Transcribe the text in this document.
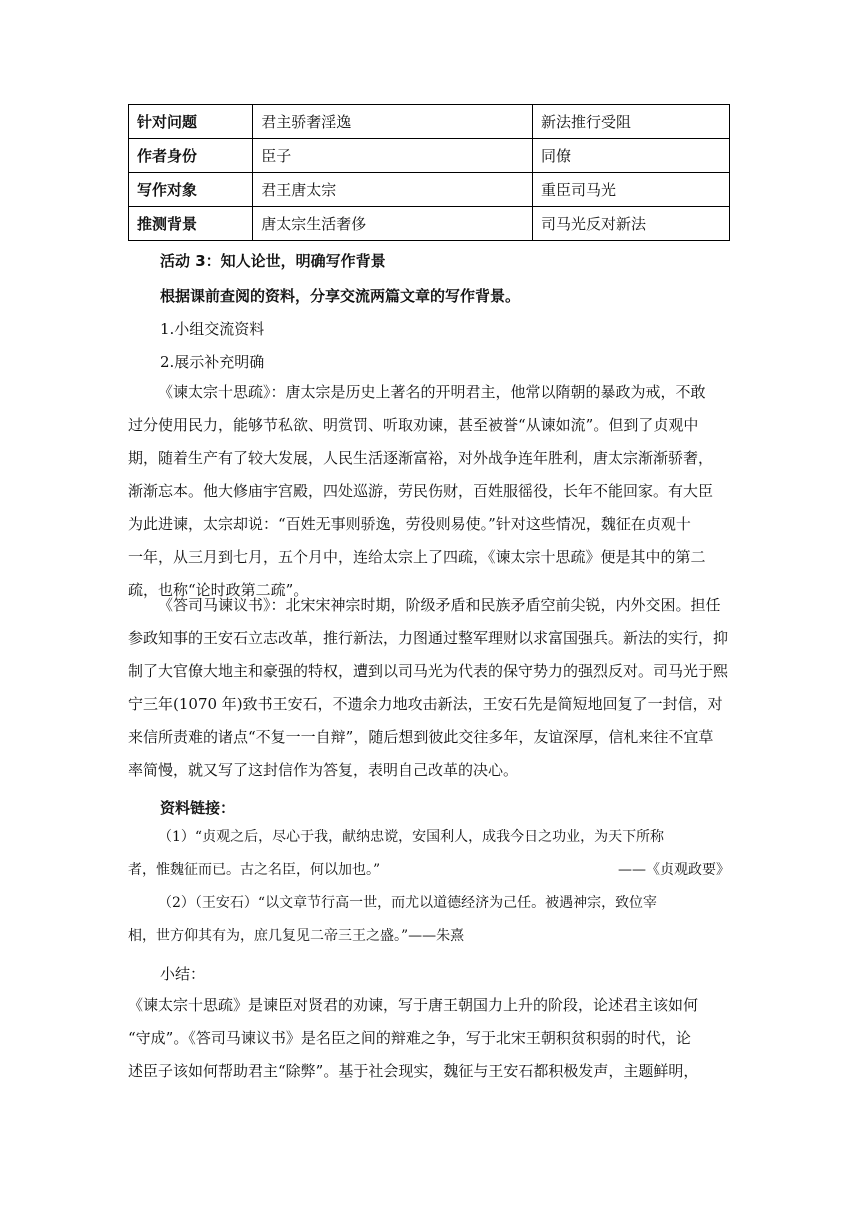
针对问题	君主骄奢淫逸	新法推行受阻
作者身份	臣子	同僚
写作对象	君王唐太宗	重臣司马光
推测背景	唐太宗生活奢侈	司马光反对新法
活动 3：知人论世，明确写作背景
根据课前查阅的资料，分享交流两篇文章的写作背景。
1.小组交流资料
2.展示补充明确
《谏太宗十思疏》：唐太宗是历史上著名的开明君主，他常以隋朝的暴政为戒，不敢
过分使用民力，能够节私欲、明赏罚、听取劝谏，甚至被誉“从谏如流”。但到了贞观中
期，随着生产有了较大发展，人民生活逐渐富裕，对外战争连年胜利，唐太宗渐渐骄奢，
渐渐忘本。他大修庙宇宫殿，四处巡游，劳民伤财，百姓服徭役，长年不能回家。有大臣
为此进谏，太宗却说：“百姓无事则骄逸，劳役则易使。”针对这些情况，魏征在贞观十
一年，从三月到七月，五个月中，连给太宗上了四疏，《谏太宗十思疏》便是其中的第二
疏，也称“论时政第二疏”。
《答司马谏议书》：北宋宋神宗时期，阶级矛盾和民族矛盾空前尖锐，内外交困。担任
参政知事的王安石立志改革，推行新法，力图通过整军理财以求富国强兵。新法的实行，抑
制了大官僚大地主和豪强的特权，遭到以司马光为代表的保守势力的强烈反对。司马光于熙
宁三年(1070 年)致书王安石，不遗余力地攻击新法，王安石先是简短地回复了一封信，对
来信所责难的诸点“不复一一自辩”，随后想到彼此交往多年，友谊深厚，信札来往不宜草
率简慢，就又写了这封信作为答复，表明自己改革的决心。
资料链接：
（1）“贞观之后，尽心于我，献纳忠谠，安国利人，成我今日之功业，为天下所称
者，惟魏征而已。古之名臣，何以加也。”	——《贞观政要》
（2）（王安石）“以文章节行高一世，而尤以道德经济为己任。被遇神宗，致位宰
相，世方仰其有为，庶几复见二帝三王之盛。”——朱熹
小结：
《谏太宗十思疏》是谏臣对贤君的劝谏，写于唐王朝国力上升的阶段，论述君主该如何
“守成”。《答司马谏议书》是名臣之间的辩难之争，写于北宋王朝积贫积弱的时代，论
述臣子该如何帮助君主“除弊”。基于社会现实，魏征与王安石都积极发声，主题鲜明，
